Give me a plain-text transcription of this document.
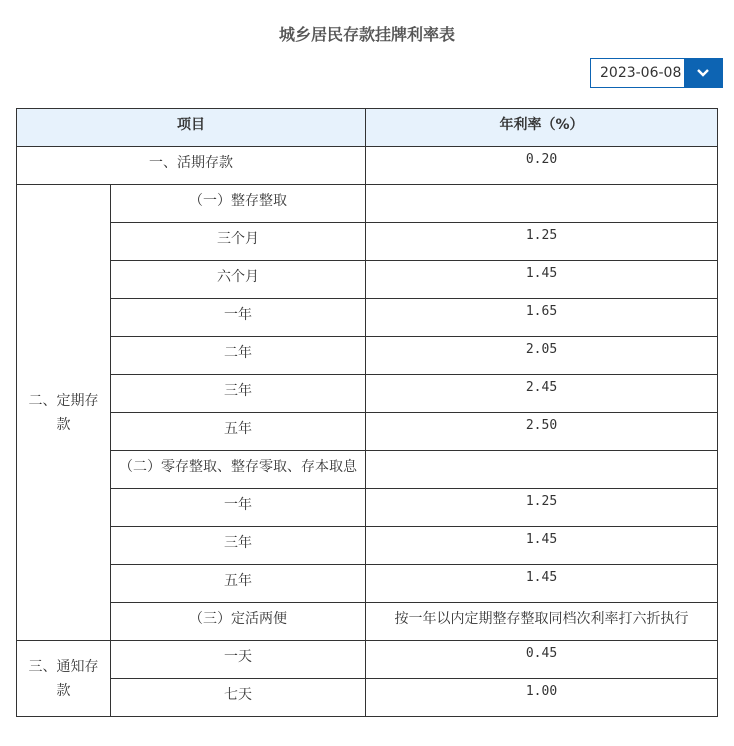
城乡居民存款挂牌利率表
2023-06-08
项目		年利率（%）
一、活期存款		0.20
二、定期存款	（一）整存整取	
	三个月	1.25
	六个月	1.45
	一年	1.65
	二年	2.05
	三年	2.45
	五年	2.50
	（二）零存整取、整存零取、存本取息	
	一年	1.25
	三年	1.45
	五年	1.45
	（三）定活两便	按一年以内定期整存整取同档次利率打六折执行
三、通知存款	一天	0.45
	七天	1.00
